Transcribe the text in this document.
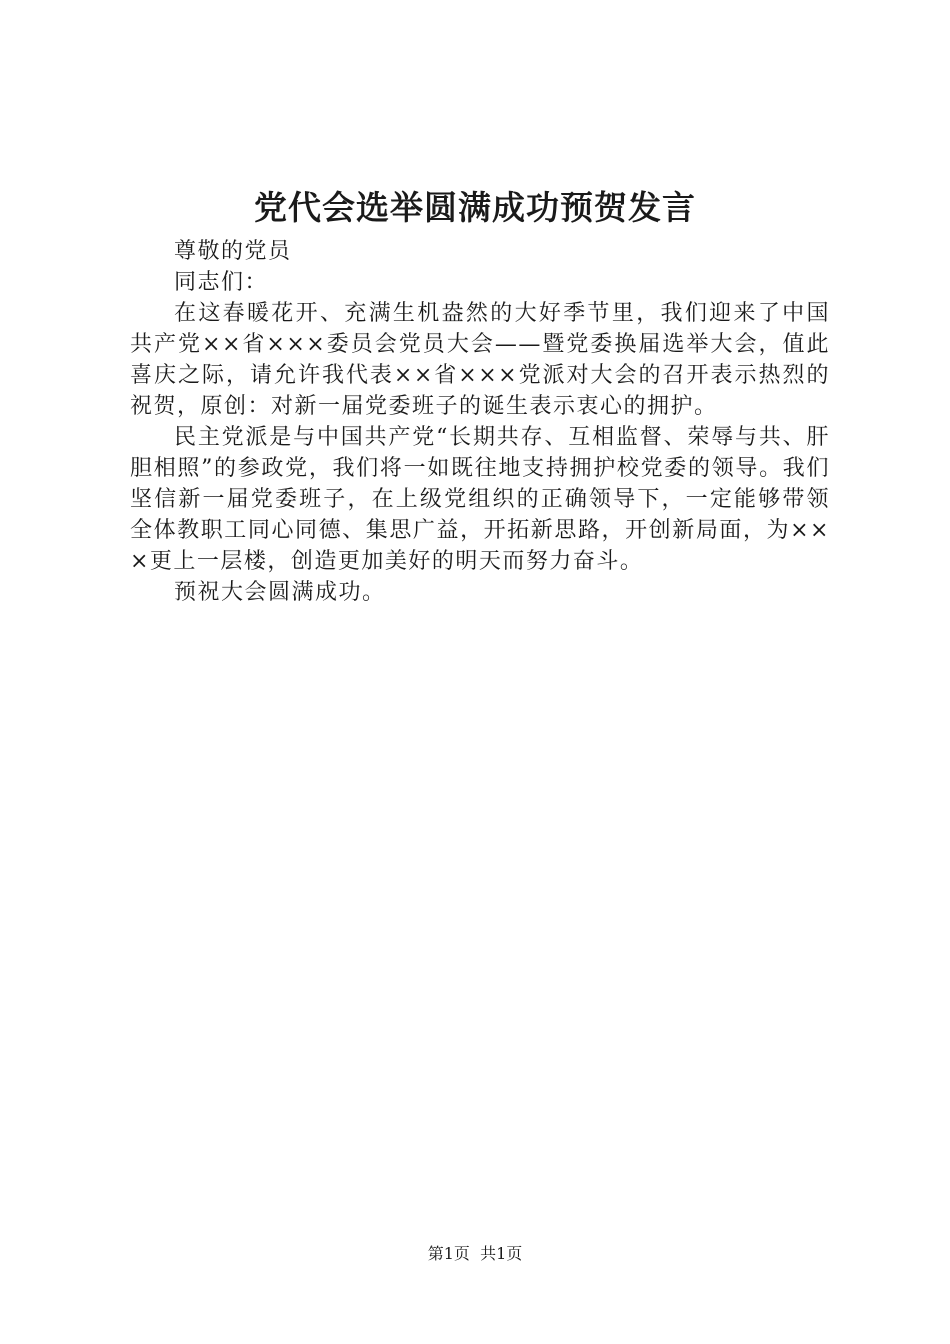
党代会选举圆满成功预贺发言

尊敬的党员

同志们：

在这春暖花开、充满生机盎然的大好季节里，我们迎来了中国共产党××省×××委员会党员大会——暨党委换届选举大会，值此喜庆之际，请允许我代表××省×××党派对大会的召开表示热烈的祝贺，原创：对新一届党委班子的诞生表示衷心的拥护。

民主党派是与中国共产党“长期共存、互相监督、荣辱与共、肝胆相照”的参政党，我们将一如既往地支持拥护校党委的领导。我们坚信新一届党委班子，在上级党组织的正确领导下，一定能够带领全体教职工同心同德、集思广益，开拓新思路，开创新局面，为×××更上一层楼，创造更加美好的明天而努力奋斗。

预祝大会圆满成功。

第1页 共1页
